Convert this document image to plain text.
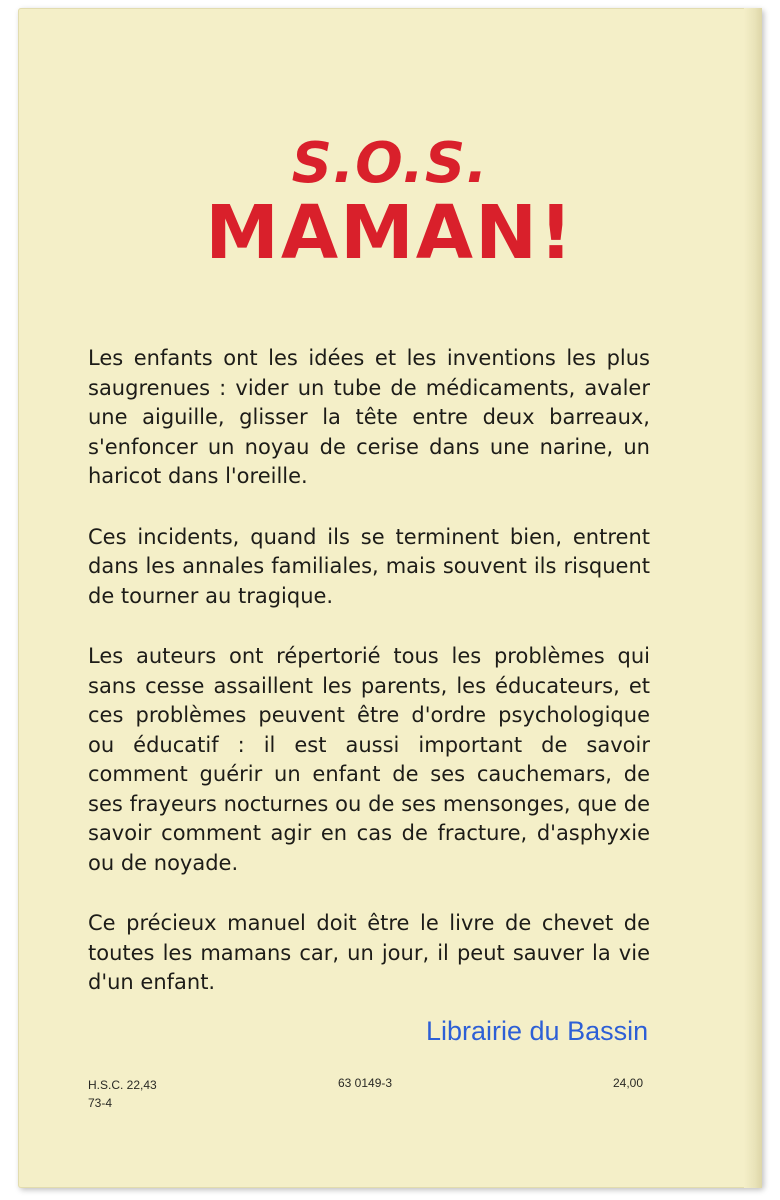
S.O.S.
MAMAN!

Les enfants ont les idées et les inventions les plus saugrenues : vider un tube de médicaments, avaler une aiguille, glisser la tête entre deux barreaux, s'enfoncer un noyau de cerise dans une narine, un haricot dans l'oreille.

Ces incidents, quand ils se terminent bien, entrent dans les annales familiales, mais souvent ils risquent de tourner au tragique.

Les auteurs ont répertorié tous les problèmes qui sans cesse assaillent les parents, les éducateurs, et ces problèmes peuvent être d'ordre psychologique ou éducatif : il est aussi important de savoir comment guérir un enfant de ses cauchemars, de ses frayeurs nocturnes ou de ses mensonges, que de savoir comment agir en cas de fracture, d'asphyxie ou de noyade.

Ce précieux manuel doit être le livre de chevet de toutes les mamans car, un jour, il peut sauver la vie d'un enfant.

Librairie du Bassin
H.S.C. 22,43
73-4
63 0149-3	24,00
